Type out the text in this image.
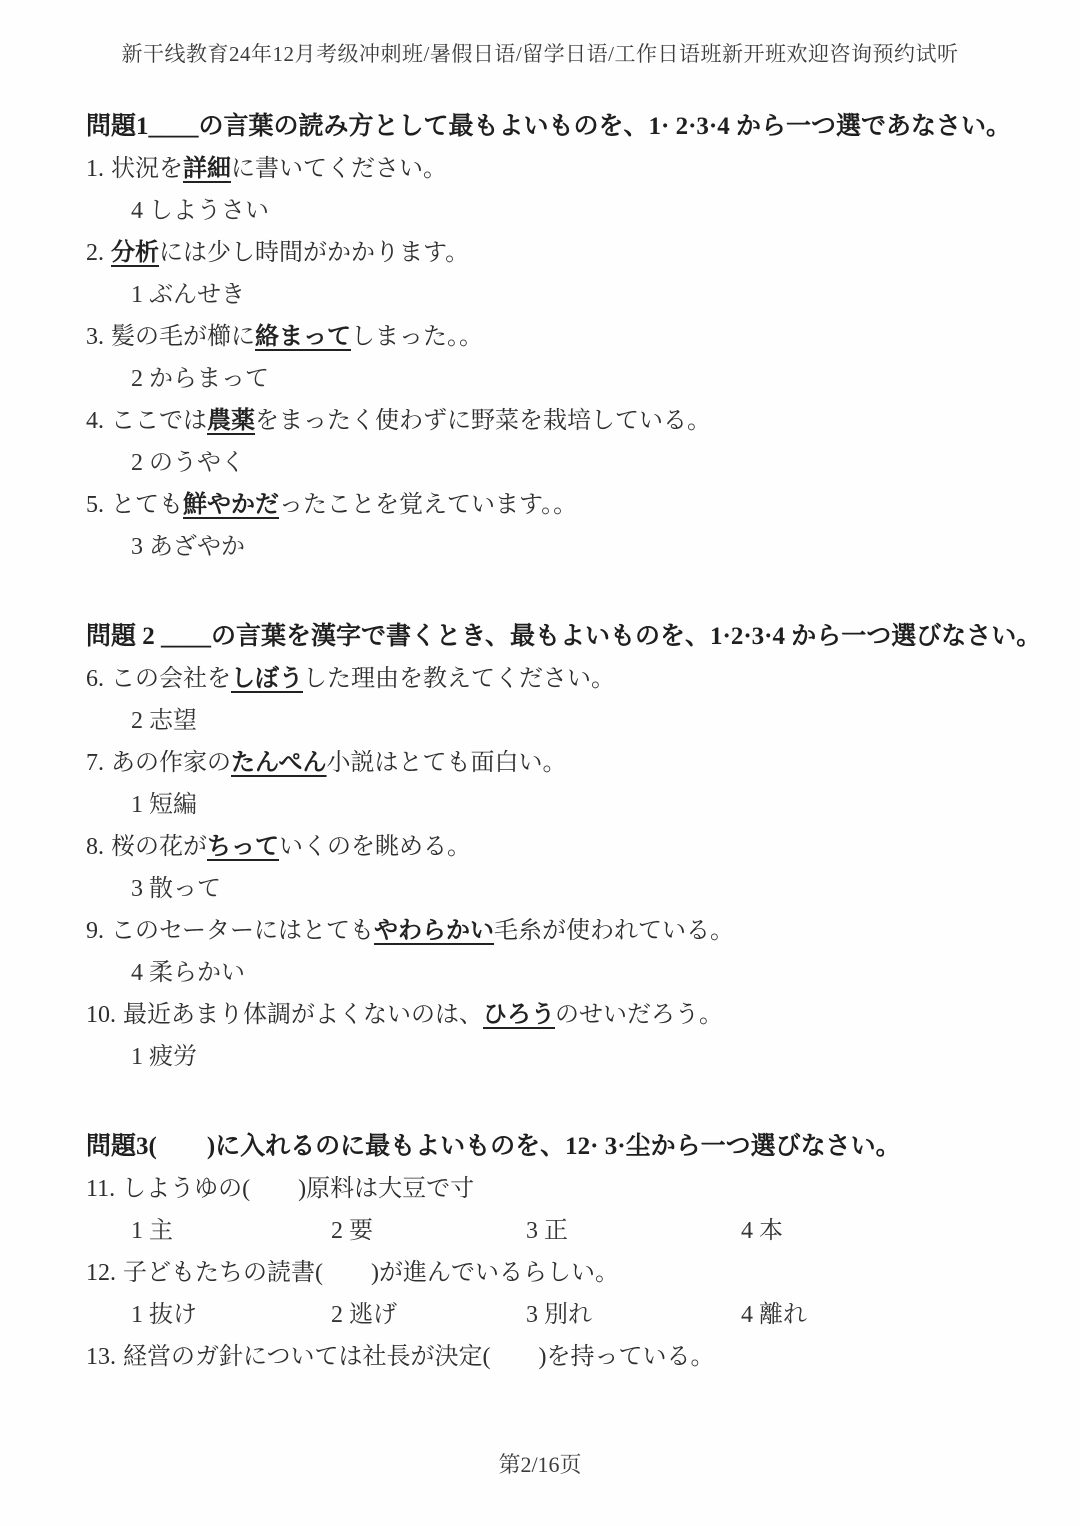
新干线教育24年12月考级冲刺班/暑假日语/留学日语/工作日语班新开班欢迎咨询预约试听
問題1____の言葉の読み方として最もよいものを、1· 2·3·4 から一つ選であなさい。
1. 状況を詳細に書いてください。
4 しようさい
2. 分析には少し時間がかかります。
1 ぶんせき
3. 髪の毛が櫛に絡まってしまった。。
2 からまって
4. ここでは農薬をまったく使わずに野菜を栽培している。
2 のうやく
5. とても鮮やかだったことを覚えています。。
3 あざやか
問題 2 ____の言葉を漢字で書くとき、最もよいものを、1·2·3·4 から一つ選びなさい。
6. この会社をしぼうした理由を教えてください。
2 志望
7. あの作家のたんぺん小説はとても面白い。
1 短編
8. 桜の花がちっていくのを眺める。
3 散って
9. このセーターにはとてもやわらかい毛糸が使われている。
4 柔らかい
10. 最近あまり体調がよくないのは、ひろうのせいだろう。
1 疲労
問題3(　　)に入れるのに最もよいものを、12· 3·尘から一つ選びなさい。
11. しようゆの(　　)原料は大豆で寸
1 主	2 要	3 正	4 本
12. 子どもたちの読書(　　)が進んでいるらしい。
1 抜け	2 逃げ	3 別れ	4 離れ
13. 経営のガ針については社長が決定(　　)を持っている。
第2/16页
